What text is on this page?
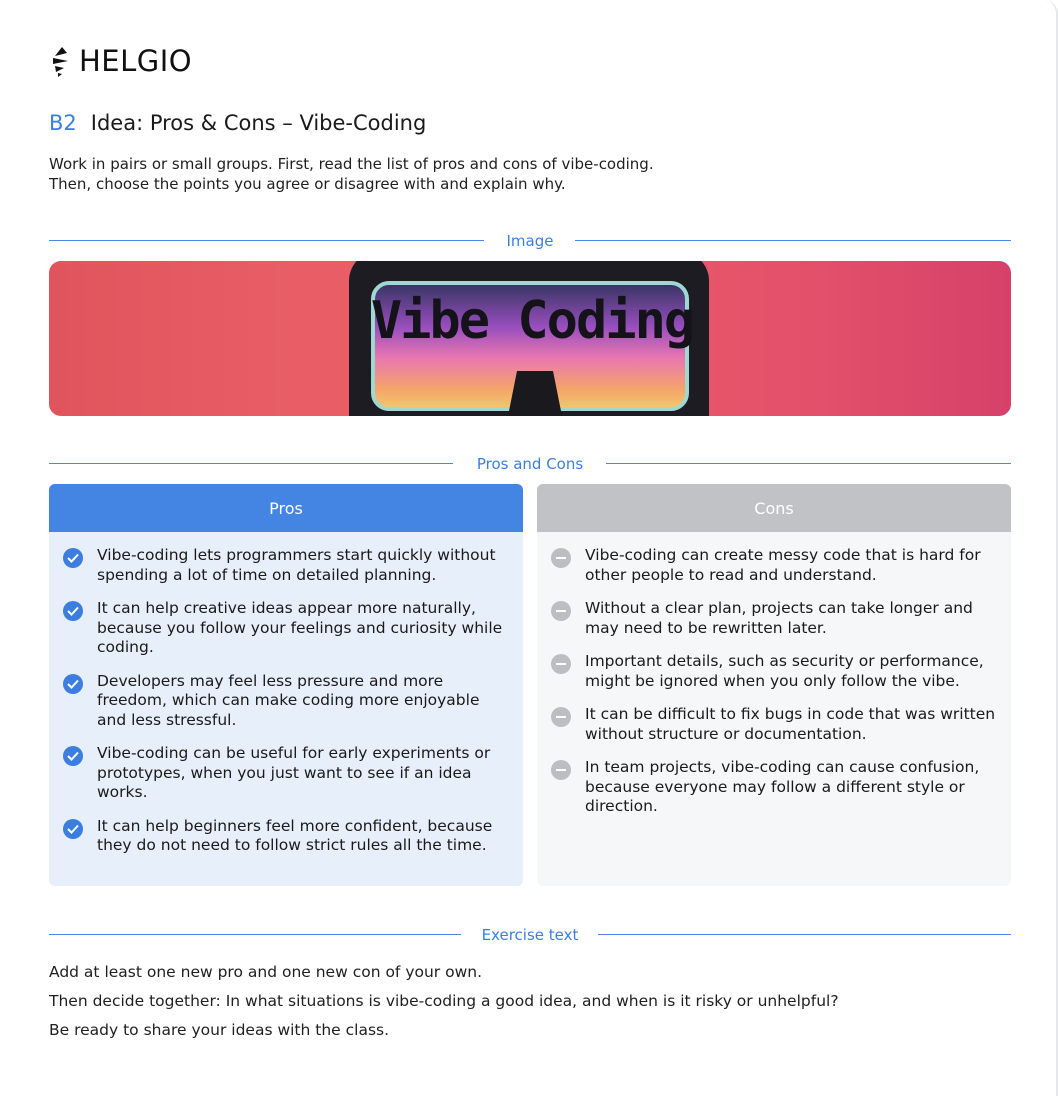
HELGIO
B2 Idea: Pros & Cons – Vibe-Coding
Work in pairs or small groups. First, read the list of pros and cons of vibe-coding.
Then, choose the points you agree or disagree with and explain why.
Image
Vibe Coding
Pros and Cons
Pros
Vibe-coding lets programmers start quickly without spending a lot of time on detailed planning.
It can help creative ideas appear more naturally, because you follow your feelings and curiosity while coding.
Developers may feel less pressure and more freedom, which can make coding more enjoyable and less stressful.
Vibe-coding can be useful for early experiments or prototypes, when you just want to see if an idea works.
It can help beginners feel more confident, because they do not need to follow strict rules all the time.
Cons
Vibe-coding can create messy code that is hard for other people to read and understand.
Without a clear plan, projects can take longer and may need to be rewritten later.
Important details, such as security or performance, might be ignored when you only follow the vibe.
It can be difficult to fix bugs in code that was written without structure or documentation.
In team projects, vibe-coding can cause confusion, because everyone may follow a different style or direction.
Exercise text
Add at least one new pro and one new con of your own.
Then decide together: In what situations is vibe-coding a good idea, and when is it risky or unhelpful?
Be ready to share your ideas with the class.
